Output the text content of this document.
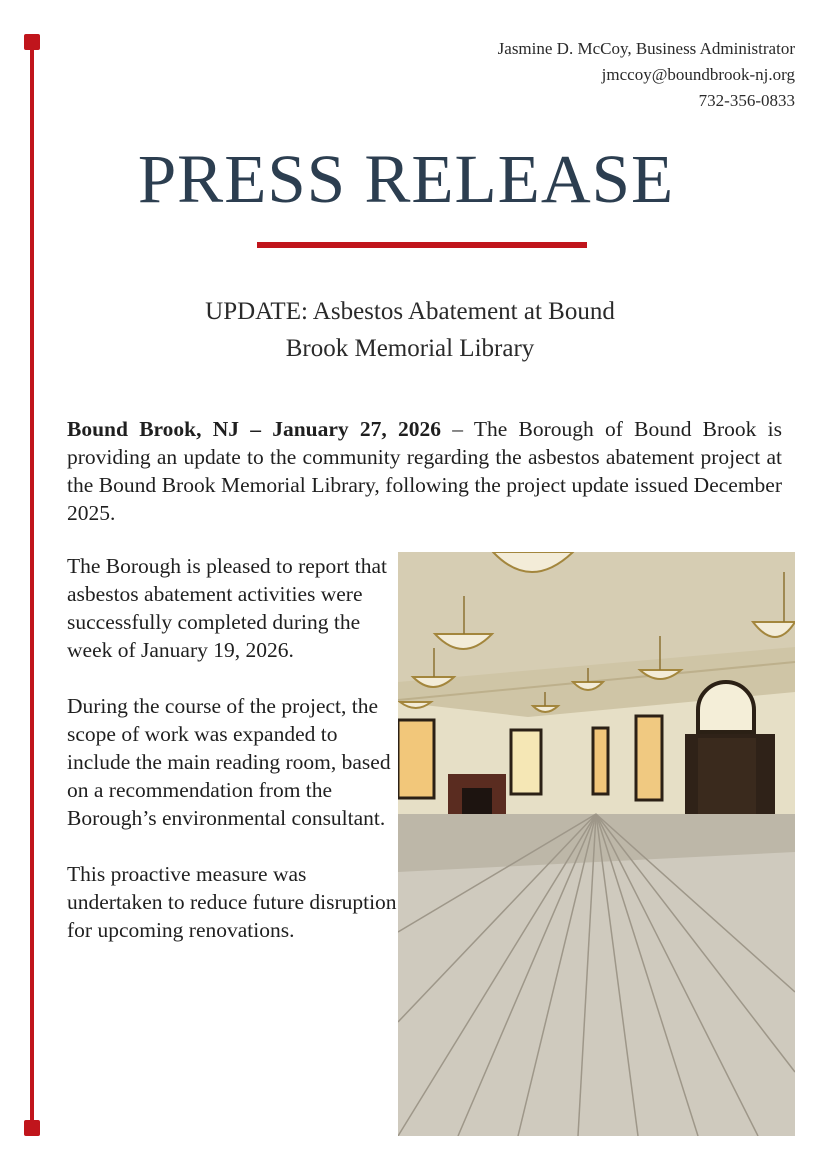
Jasmine D. McCoy, Business Administrator
jmccoy@boundbrook-nj.org
732-356-0833
PRESS RELEASE
UPDATE: Asbestos Abatement at Bound
Brook Memorial Library
Bound Brook, NJ – January 27, 2026 – The Borough of Bound Brook is providing an update to the community regarding the asbestos abatement project at the Bound Brook Memorial Library, following the project update issued December 2025.

The Borough is pleased to report that asbestos abatement activities were successfully completed during the week of January 19, 2026.

During the course of the project, the scope of work was expanded to include the main reading room, based on a recommendation from the Borough’s environmental consultant.

This proactive measure was undertaken to reduce future disruption for upcoming renovations.
